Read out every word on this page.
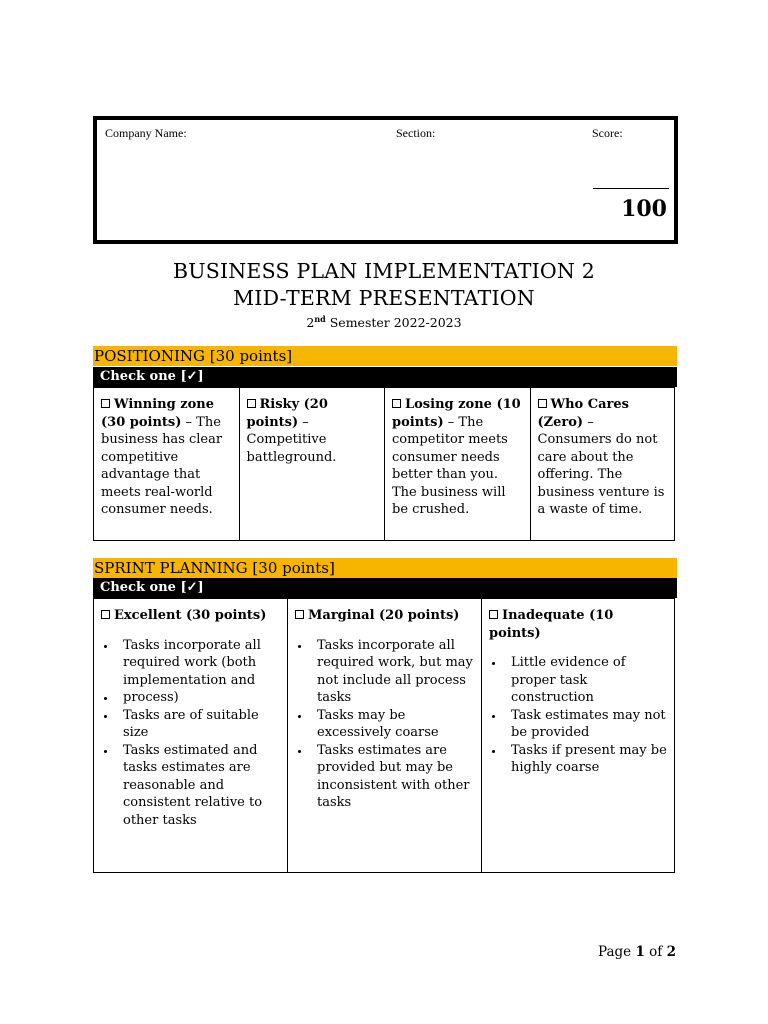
Company Name:	Section:	Score:
100
BUSINESS PLAN IMPLEMENTATION 2
MID-TERM PRESENTATION
2nd Semester 2022-2023
POSITIONING [30 points]
Check one [✓]
Winning zone (30 points) – The business has clear competitive advantage that meets real-world consumer needs.
Risky (20 points) – Competitive battleground.
Losing zone (10 points) – The competitor meets consumer needs better than you. The business will be crushed.
Who Cares (Zero) – Consumers do not care about the offering. The business venture is a waste of time.
SPRINT PLANNING [30 points]
Check one [✓]
Excellent (30 points)
• Tasks incorporate all required work (both implementation and
• process)
• Tasks are of suitable size
• Tasks estimated and tasks estimates are reasonable and consistent relative to other tasks
Marginal (20 points)
• Tasks incorporate all required work, but may not include all process tasks
• Tasks may be excessively coarse
• Tasks estimates are provided but may be inconsistent with other tasks
Inadequate (10 points)
• Little evidence of proper task construction
• Task estimates may not be provided
• Tasks if present may be highly coarse
Page 1 of 2
